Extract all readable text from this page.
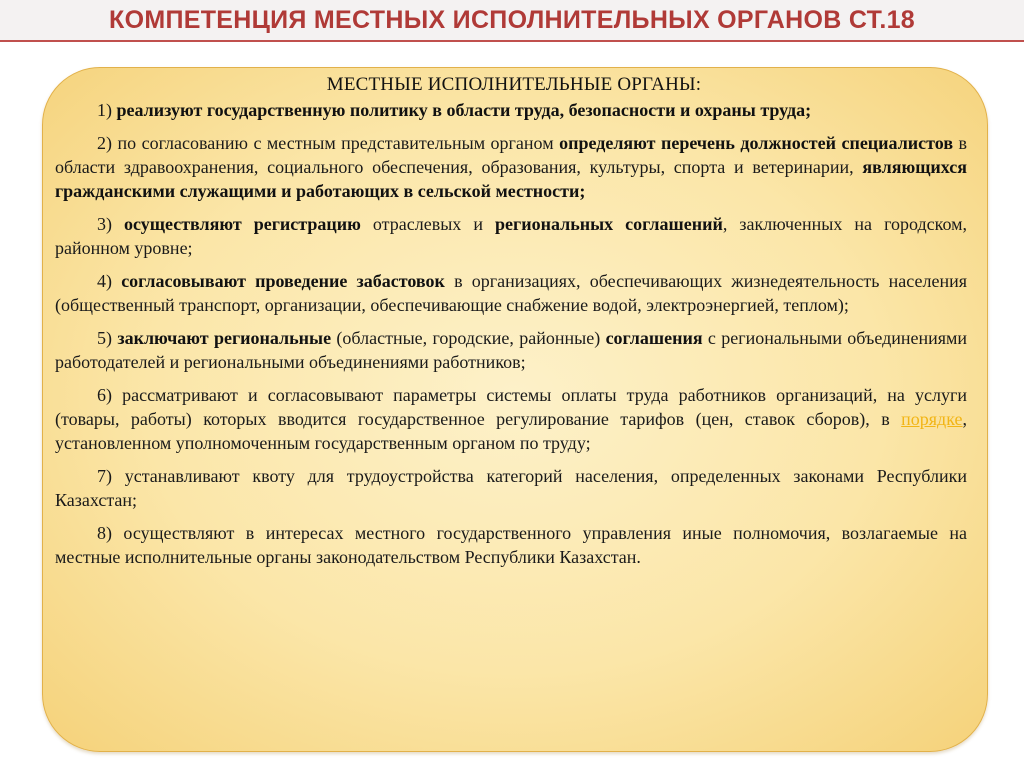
КОМПЕТЕНЦИЯ МЕСТНЫХ ИСПОЛНИТЕЛЬНЫХ ОРГАНОВ СТ.18
МЕСТНЫЕ ИСПОЛНИТЕЛЬНЫЕ ОРГАНЫ:
1) реализуют государственную политику в области труда, безопасности и охраны труда;
2) по согласованию с местным представительным органом определяют перечень должностей специалистов в области здравоохранения, социального обеспечения, образования, культуры, спорта и ветеринарии, являющихся гражданскими служащими и работающих в сельской местности;
3) осуществляют регистрацию отраслевых и региональных соглашений, заключенных на городском, районном уровне;
4) согласовывают проведение забастовок в организациях, обеспечивающих жизнедеятельность населения (общественный транспорт, организации, обеспечивающие снабжение водой, электроэнергией, теплом);
5) заключают региональные (областные, городские, районные) соглашения с региональными объединениями работодателей и региональными объединениями работников;
6) рассматривают и согласовывают параметры системы оплаты труда работников организаций, на услуги (товары, работы) которых вводится государственное регулирование тарифов (цен, ставок сборов), в порядке, установленном уполномоченным государственным органом по труду;
7) устанавливают квоту для трудоустройства категорий населения, определенных законами Республики Казахстан;
8) осуществляют в интересах местного государственного управления иные полномочия, возлагаемые на местные исполнительные органы законодательством Республики Казахстан.
